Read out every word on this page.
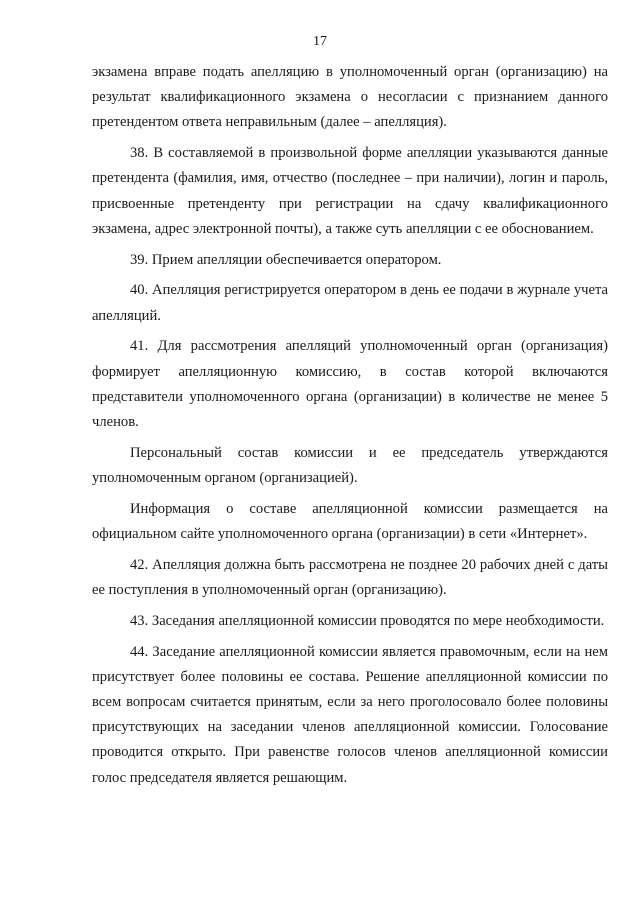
17

экзамена вправе подать апелляцию в уполномоченный орган (организацию) на результат квалификационного экзамена о несогласии с признанием данного претендентом ответа неправильным (далее – апелляция).

38. В составляемой в произвольной форме апелляции указываются данные претендента (фамилия, имя, отчество (последнее – при наличии), логин и пароль, присвоенные претенденту при регистрации на сдачу квалификационного экзамена, адрес электронной почты), а также суть апелляции с ее обоснованием.

39. Прием апелляции обеспечивается оператором.

40. Апелляция регистрируется оператором в день ее подачи в журнале учета апелляций.

41. Для рассмотрения апелляций уполномоченный орган (организация) формирует апелляционную комиссию, в состав которой включаются представители уполномоченного органа (организации) в количестве не менее 5 членов.

Персональный состав комиссии и ее председатель утверждаются уполномоченным органом (организацией).

Информация о составе апелляционной комиссии размещается на официальном сайте уполномоченного органа (организации) в сети «Интернет».

42. Апелляция должна быть рассмотрена не позднее 20 рабочих дней с даты ее поступления в уполномоченный орган (организацию).

43. Заседания апелляционной комиссии проводятся по мере необходимости.

44. Заседание апелляционной комиссии является правомочным, если на нем присутствует более половины ее состава. Решение апелляционной комиссии по всем вопросам считается принятым, если за него проголосовало более половины присутствующих на заседании членов апелляционной комиссии. Голосование проводится открыто. При равенстве голосов членов апелляционной комиссии голос председателя является решающим.
